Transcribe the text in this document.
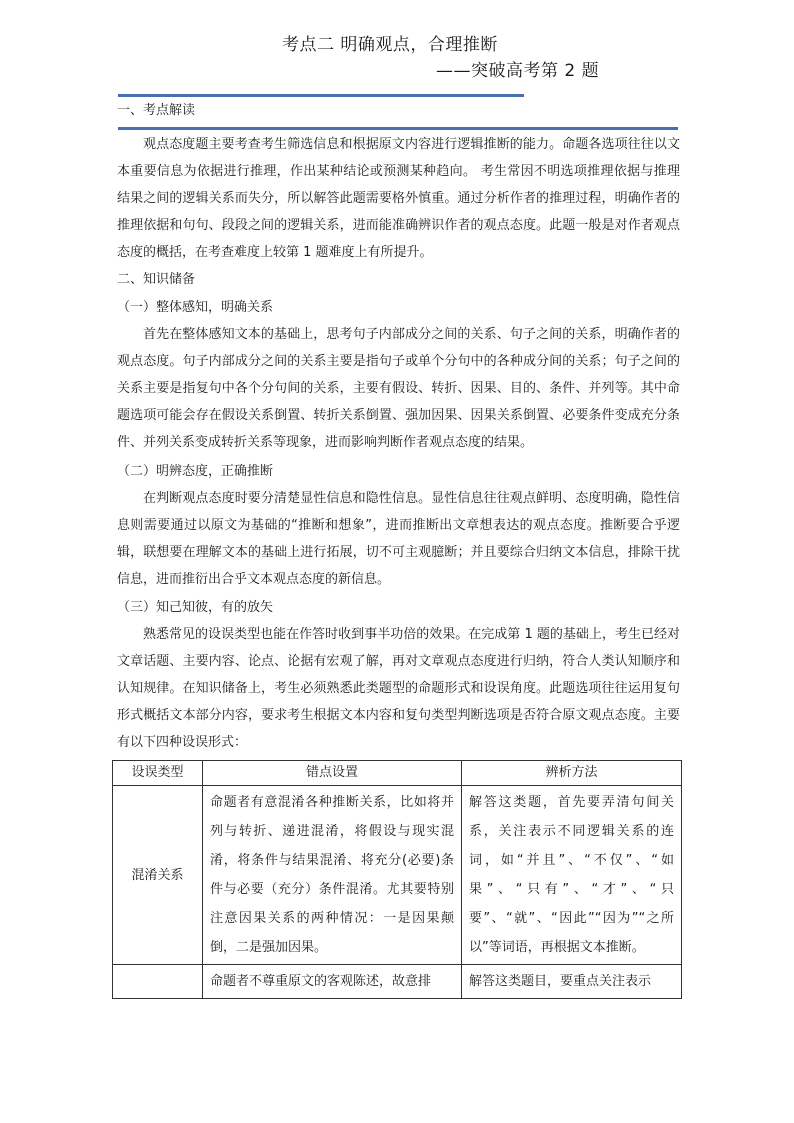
考点二 明确观点，合理推断
——突破高考第 2 题
一、考点解读
观点态度题主要考查考生筛选信息和根据原文内容进行逻辑推断的能力。命题各选项往往以文本重要信息为依据进行推理，作出某种结论或预测某种趋向。 考生常因不明选项推理依据与推理结果之间的逻辑关系而失分，所以解答此题需要格外慎重。通过分析作者的推理过程，明确作者的推理依据和句句、段段之间的逻辑关系，进而能准确辨识作者的观点态度。此题一般是对作者观点态度的概括，在考查难度上较第 1 题难度上有所提升。
二、知识储备
（一）整体感知，明确关系
首先在整体感知文本的基础上，思考句子内部成分之间的关系、句子之间的关系，明确作者的观点态度。句子内部成分之间的关系主要是指句子或单个分句中的各种成分间的关系；句子之间的关系主要是指复句中各个分句间的关系，主要有假设、转折、因果、目的、条件、并列等。其中命题选项可能会存在假设关系倒置、转折关系倒置、强加因果、因果关系倒置、必要条件变成充分条件、并列关系变成转折关系等现象，进而影响判断作者观点态度的结果。
（二）明辨态度，正确推断
在判断观点态度时要分清楚显性信息和隐性信息。显性信息往往观点鲜明、态度明确，隐性信息则需要通过以原文为基础的“推断和想象”，进而推断出文章想表达的观点态度。推断要合乎逻辑，联想要在理解文本的基础上进行拓展，切不可主观臆断；并且要综合归纳文本信息，排除干扰信息，进而推衍出合乎文本观点态度的新信息。
（三）知己知彼，有的放矢
熟悉常见的设误类型也能在作答时收到事半功倍的效果。在完成第 1 题的基础上，考生已经对文章话题、主要内容、论点、论据有宏观了解，再对文章观点态度进行归纳，符合人类认知顺序和认知规律。在知识储备上，考生必须熟悉此类题型的命题形式和设误角度。此题选项往往运用复句形式概括文本部分内容，要求考生根据文本内容和复句类型判断选项是否符合原文观点态度。主要有以下四种设误形式：
设误类型	错点设置	辨析方法
混淆关系	命题者有意混淆各种推断关系，比如将并列与转折、递进混淆，将假设与现实混淆，将条件与结果混淆、将充分(必要)条件与必要（充分）条件混淆。尤其要特别注意因果关系的两种情况：一是因果颠倒，二是强加因果。	解答这类题，首先要弄清句间关系，关注表示不同逻辑关系的连词，如“并且”、“不仅”、“如果”、“只有”、“才”、“只要”、“就”、“因此”“因为”“之所以”等词语，再根据文本推断。
	命题者不尊重原文的客观陈述，故意排	解答这类题目，要重点关注表示
